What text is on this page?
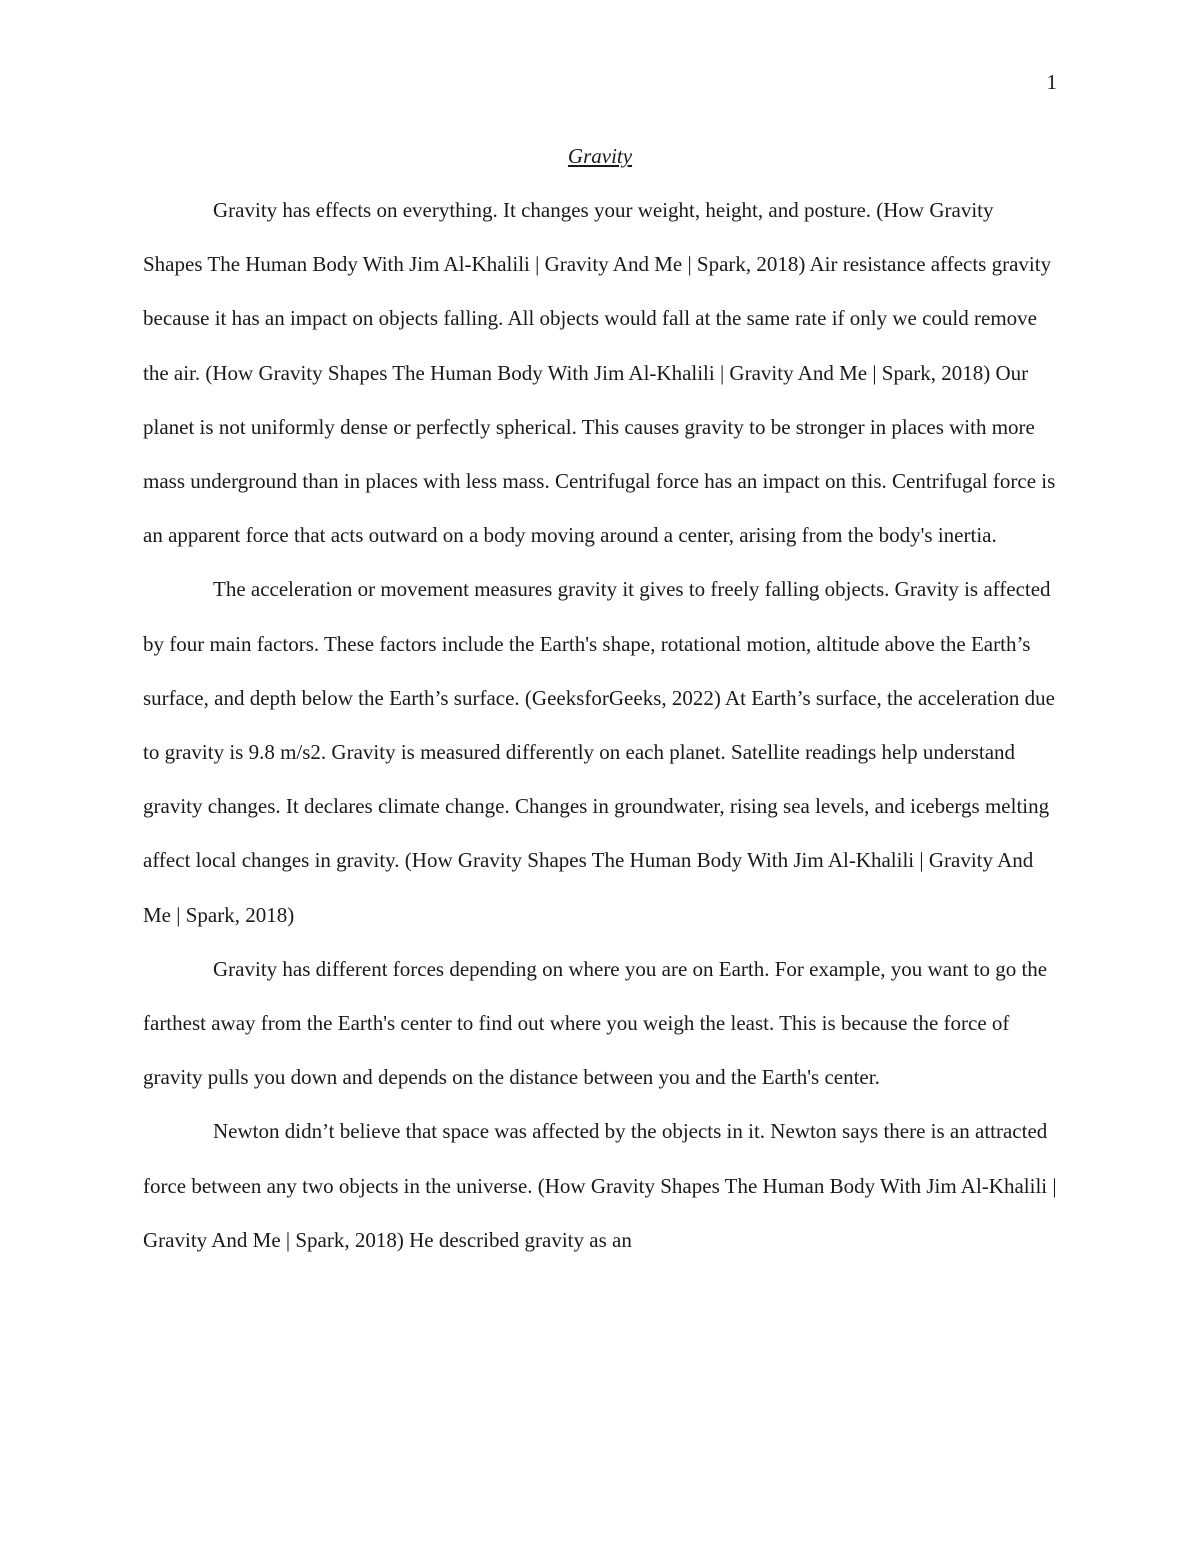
1
Gravity

Gravity has effects on everything. It changes your weight, height, and posture. (How Gravity Shapes The Human Body With Jim Al-Khalili | Gravity And Me | Spark, 2018) Air resistance affects gravity because it has an impact on objects falling. All objects would fall at the same rate if only we could remove the air. (How Gravity Shapes The Human Body With Jim Al-Khalili | Gravity And Me | Spark, 2018) Our planet is not uniformly dense or perfectly spherical. This causes gravity to be stronger in places with more mass underground than in places with less mass. Centrifugal force has an impact on this. Centrifugal force is an apparent force that acts outward on a body moving around a center, arising from the body's inertia.

The acceleration or movement measures gravity it gives to freely falling objects. Gravity is affected by four main factors. These factors include the Earth's shape, rotational motion, altitude above the Earth’s surface, and depth below the Earth’s surface. (GeeksforGeeks, 2022) At Earth’s surface, the acceleration due to gravity is 9.8 m/s2. Gravity is measured differently on each planet. Satellite readings help understand gravity changes. It declares climate change. Changes in groundwater, rising sea levels, and icebergs melting affect local changes in gravity. (How Gravity Shapes The Human Body With Jim Al-Khalili | Gravity And Me | Spark, 2018)

Gravity has different forces depending on where you are on Earth. For example, you want to go the farthest away from the Earth's center to find out where you weigh the least. This is because the force of gravity pulls you down and depends on the distance between you and the Earth's center.

Newton didn’t believe that space was affected by the objects in it. Newton says there is an attracted force between any two objects in the universe. (How Gravity Shapes The Human Body With Jim Al-Khalili | Gravity And Me | Spark, 2018) He described gravity as an
